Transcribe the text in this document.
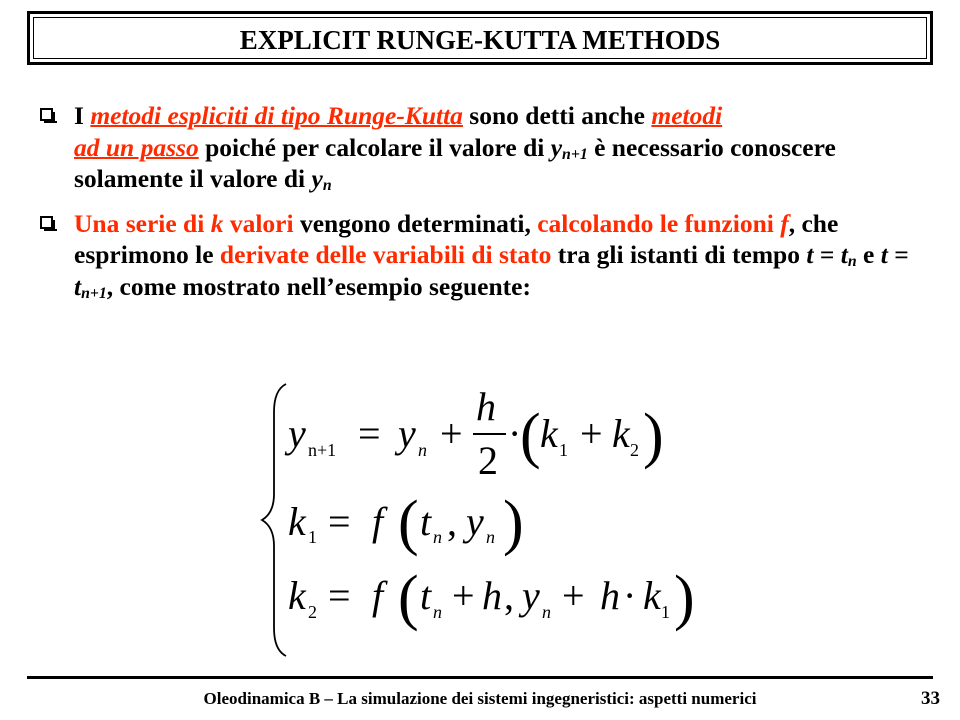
EXPLICIT RUNGE-KUTTA METHODS
I metodi espliciti di tipo Runge-Kutta sono detti anche metodi
ad un passo poiché per calcolare il valore di $y_{n+1}$ è necessario conoscere solamente il valore di $y_n$
Una serie di k valori vengono determinati, calcolando le funzioni f, che esprimono le derivate delle variabili di stato tra gli istanti di tempo $t = t_n$ e $t = t_{n+1}$, come mostrato nell’esempio seguente:
y n+1 = y n +
h
2
·
( k 1 + k 2 )
k 1 = f ( t n , y n )
k 2 = f ( t n + h , y n + h · k 1 )
Oleodinamica B – La simulazione dei sistemi ingegneristici: aspetti numerici	33
